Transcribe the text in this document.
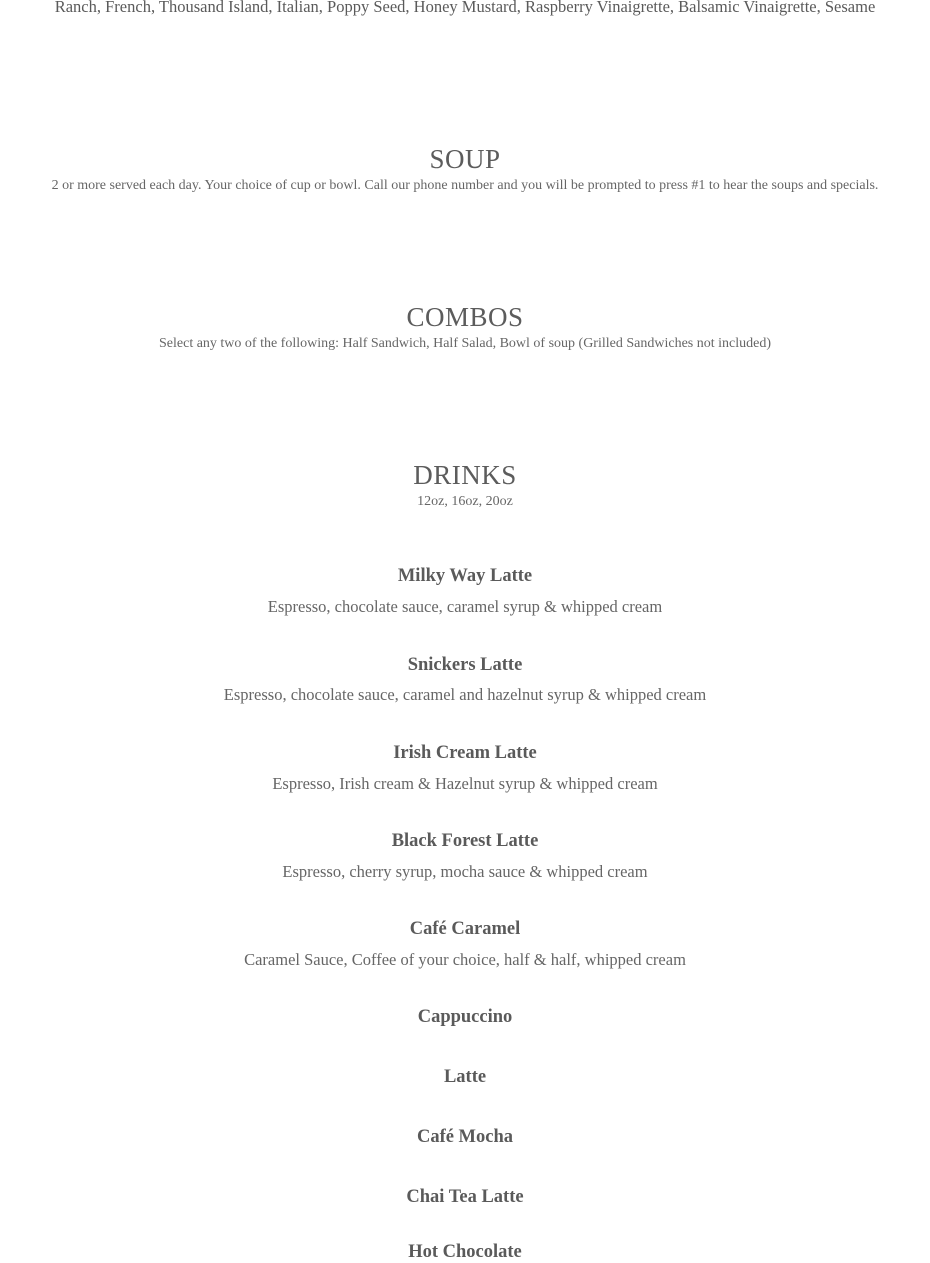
Ranch, French, Thousand Island, Italian, Poppy Seed, Honey Mustard, Raspberry Vinaigrette, Balsamic Vinaigrette, Sesame
SOUP
2 or more served each day. Your choice of cup or bowl. Call our phone number and you will be prompted to press #1 to hear the soups and specials.
COMBOS
Select any two of the following: Half Sandwich, Half Salad, Bowl of soup (Grilled Sandwiches not included)
DRINKS
12oz, 16oz, 20oz
Milky Way Latte
Espresso, chocolate sauce, caramel syrup & whipped cream
Snickers Latte
Espresso, chocolate sauce, caramel and hazelnut syrup & whipped cream
Irish Cream Latte
Espresso, Irish cream & Hazelnut syrup & whipped cream
Black Forest Latte
Espresso, cherry syrup, mocha sauce & whipped cream
Café Caramel
Caramel Sauce, Coffee of your choice, half & half, whipped cream
Cappuccino
Latte
Café Mocha
Chai Tea Latte
Hot Chocolate
